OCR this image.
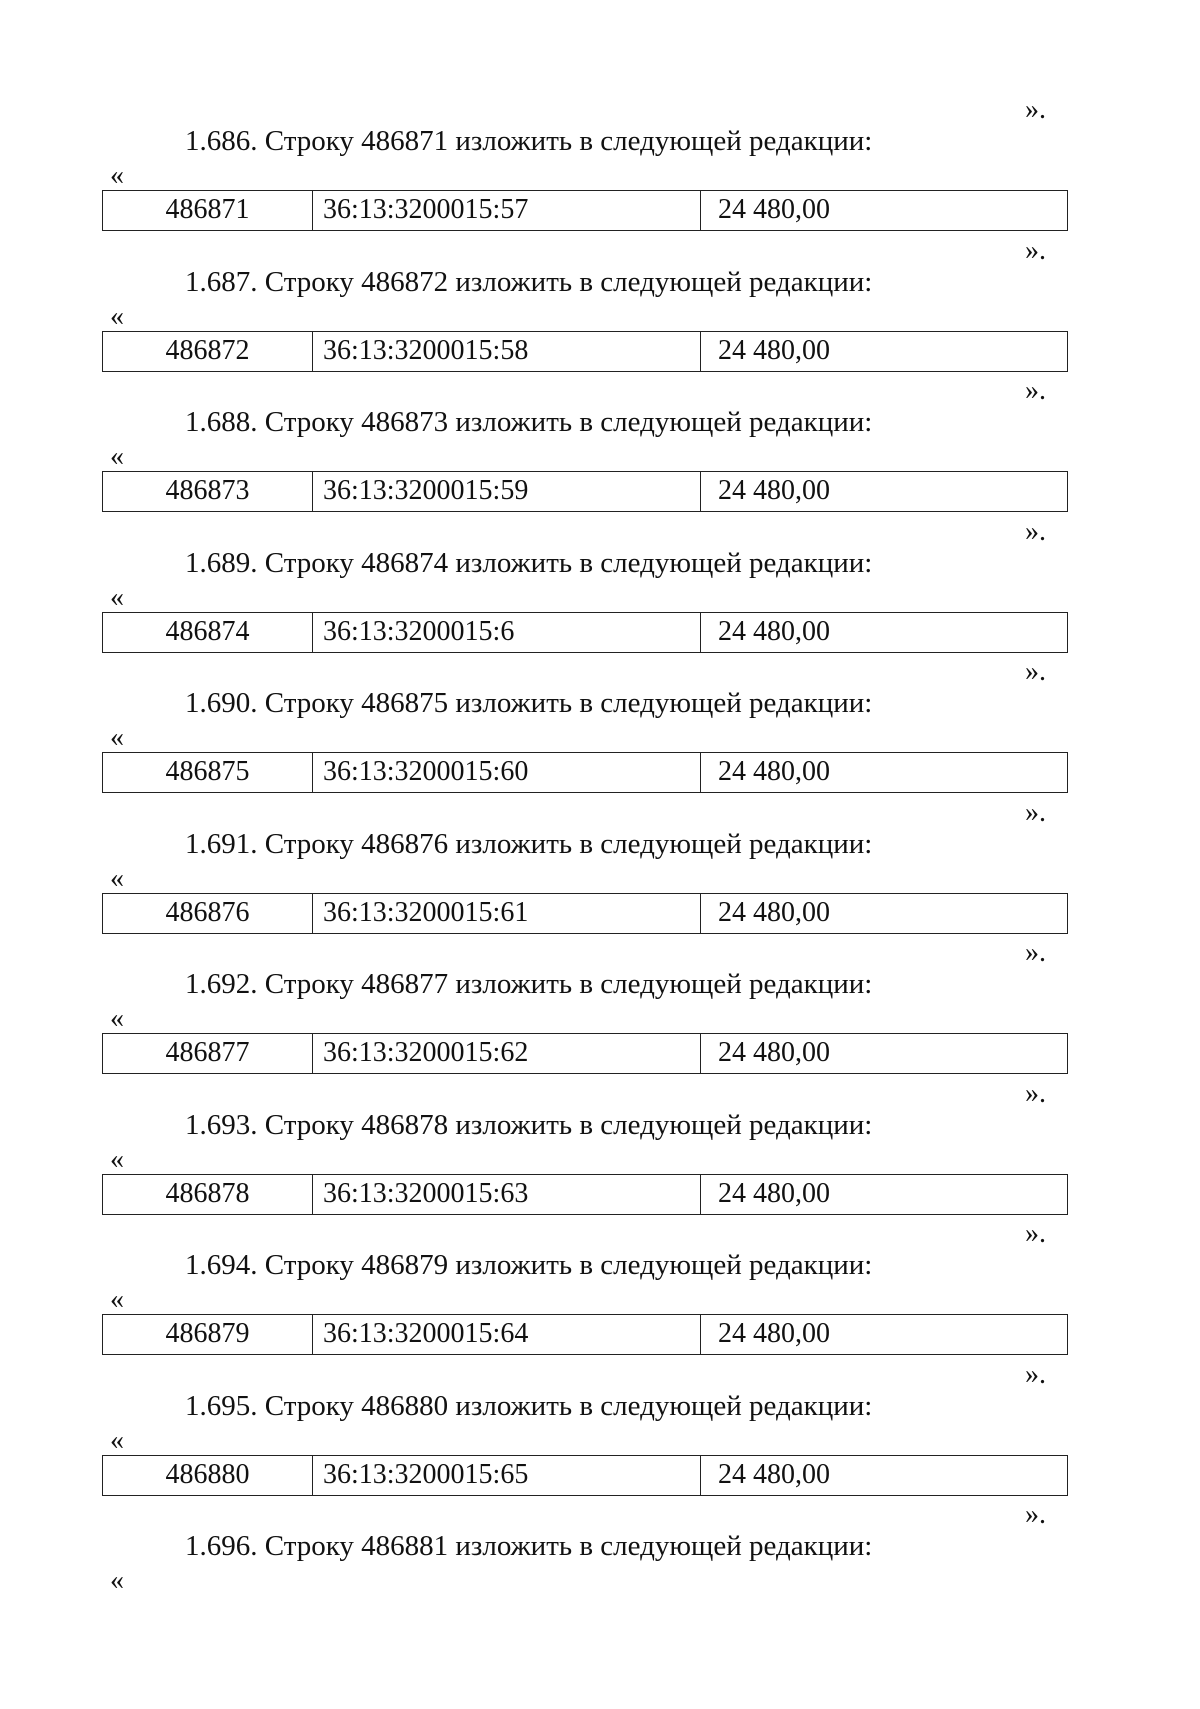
».
1.686. Строку 486871 изложить в следующей редакции:
«
486871	36:13:3200015:57	24 480,00
».
1.687. Строку 486872 изложить в следующей редакции:
«
486872	36:13:3200015:58	24 480,00
».
1.688. Строку 486873 изложить в следующей редакции:
«
486873	36:13:3200015:59	24 480,00
».
1.689. Строку 486874 изложить в следующей редакции:
«
486874	36:13:3200015:6	24 480,00
».
1.690. Строку 486875 изложить в следующей редакции:
«
486875	36:13:3200015:60	24 480,00
».
1.691. Строку 486876 изложить в следующей редакции:
«
486876	36:13:3200015:61	24 480,00
».
1.692. Строку 486877 изложить в следующей редакции:
«
486877	36:13:3200015:62	24 480,00
».
1.693. Строку 486878 изложить в следующей редакции:
«
486878	36:13:3200015:63	24 480,00
».
1.694. Строку 486879 изложить в следующей редакции:
«
486879	36:13:3200015:64	24 480,00
».
1.695. Строку 486880 изложить в следующей редакции:
«
486880	36:13:3200015:65	24 480,00
».
1.696. Строку 486881 изложить в следующей редакции:
«
